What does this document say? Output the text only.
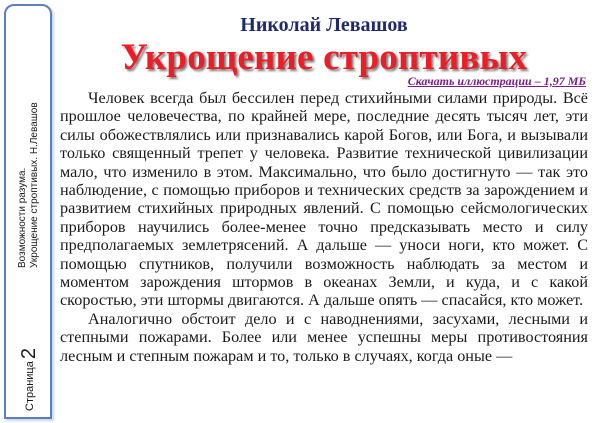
Возможности разума. Укрощение строптивых. Н.Левашов
Страница2
Николай Левашов
Укрощение строптивых
Скачать иллюстрации – 1,97 МБ

Человек всегда был бессилен перед стихийными силами природы. Всё прошлое человечества, по крайней мере, последние десять тысяч лет, эти силы обожествлялись или признавались карой Богов, или Бога, и вызывали только священный трепет у человека. Развитие технической цивилизации мало, что изменило в этом. Максимально, что было достигнуто — так это наблюдение, с помощью приборов и технических средств за зарождением и развитием стихийных природных явлений. С помощью сейсмологических приборов научились более-менее точно предсказывать место и силу предполагаемых землетрясений. А дальше — уноси ноги, кто может. С помощью спутников, получили возможность наблюдать за местом и моментом зарождения штормов в океанах Земли, и куда, и с какой скоростью, эти штормы двигаются. А дальше опять — спасайся, кто может.

Аналогично обстоит дело и с наводнениями, засухами, лесными и степными пожарами. Более или менее успешны меры противостояния лесным и степным пожарам и то, только в случаях, когда оные —
